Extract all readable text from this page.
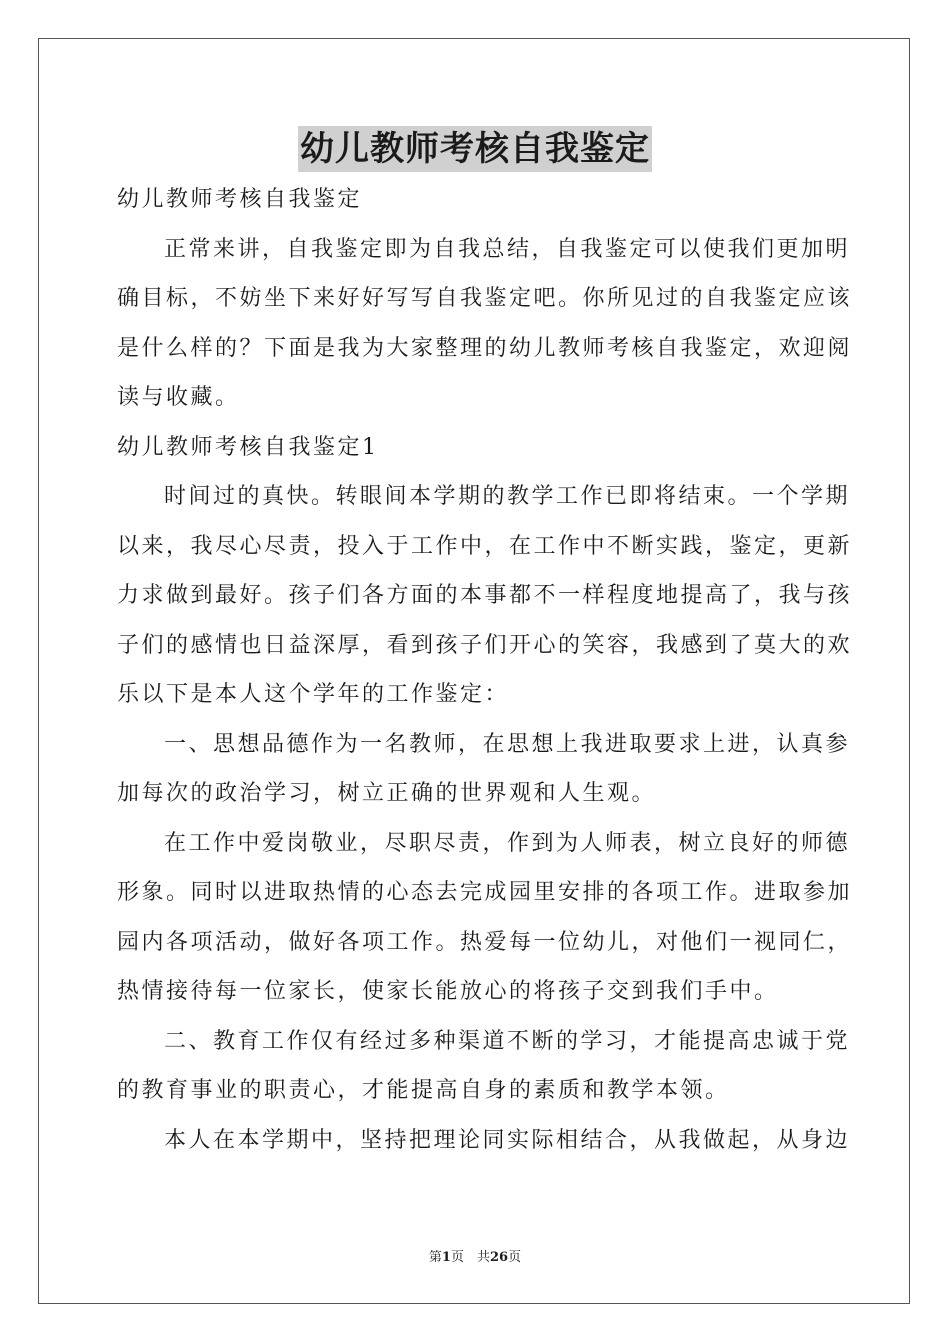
幼儿教师考核自我鉴定
幼儿教师考核自我鉴定
正常来讲，自我鉴定即为自我总结，自我鉴定可以使我们更加明
确目标，不妨坐下来好好写写自我鉴定吧。你所见过的自我鉴定应该
是什么样的？下面是我为大家整理的幼儿教师考核自我鉴定，欢迎阅
读与收藏。
幼儿教师考核自我鉴定1
时间过的真快。转眼间本学期的教学工作已即将结束。一个学期
以来，我尽心尽责，投入于工作中，在工作中不断实践，鉴定，更新
力求做到最好。孩子们各方面的本事都不一样程度地提高了，我与孩
子们的感情也日益深厚，看到孩子们开心的笑容，我感到了莫大的欢
乐以下是本人这个学年的工作鉴定：
一、思想品德作为一名教师，在思想上我进取要求上进，认真参
加每次的政治学习，树立正确的世界观和人生观。
在工作中爱岗敬业，尽职尽责，作到为人师表，树立良好的师德
形象。同时以进取热情的心态去完成园里安排的各项工作。进取参加
园内各项活动，做好各项工作。热爱每一位幼儿，对他们一视同仁，
热情接待每一位家长，使家长能放心的将孩子交到我们手中。
二、教育工作仅有经过多种渠道不断的学习，才能提高忠诚于党
的教育事业的职责心，才能提高自身的素质和教学本领。
本人在本学期中，坚持把理论同实际相结合，从我做起，从身边
第1页　共26页
